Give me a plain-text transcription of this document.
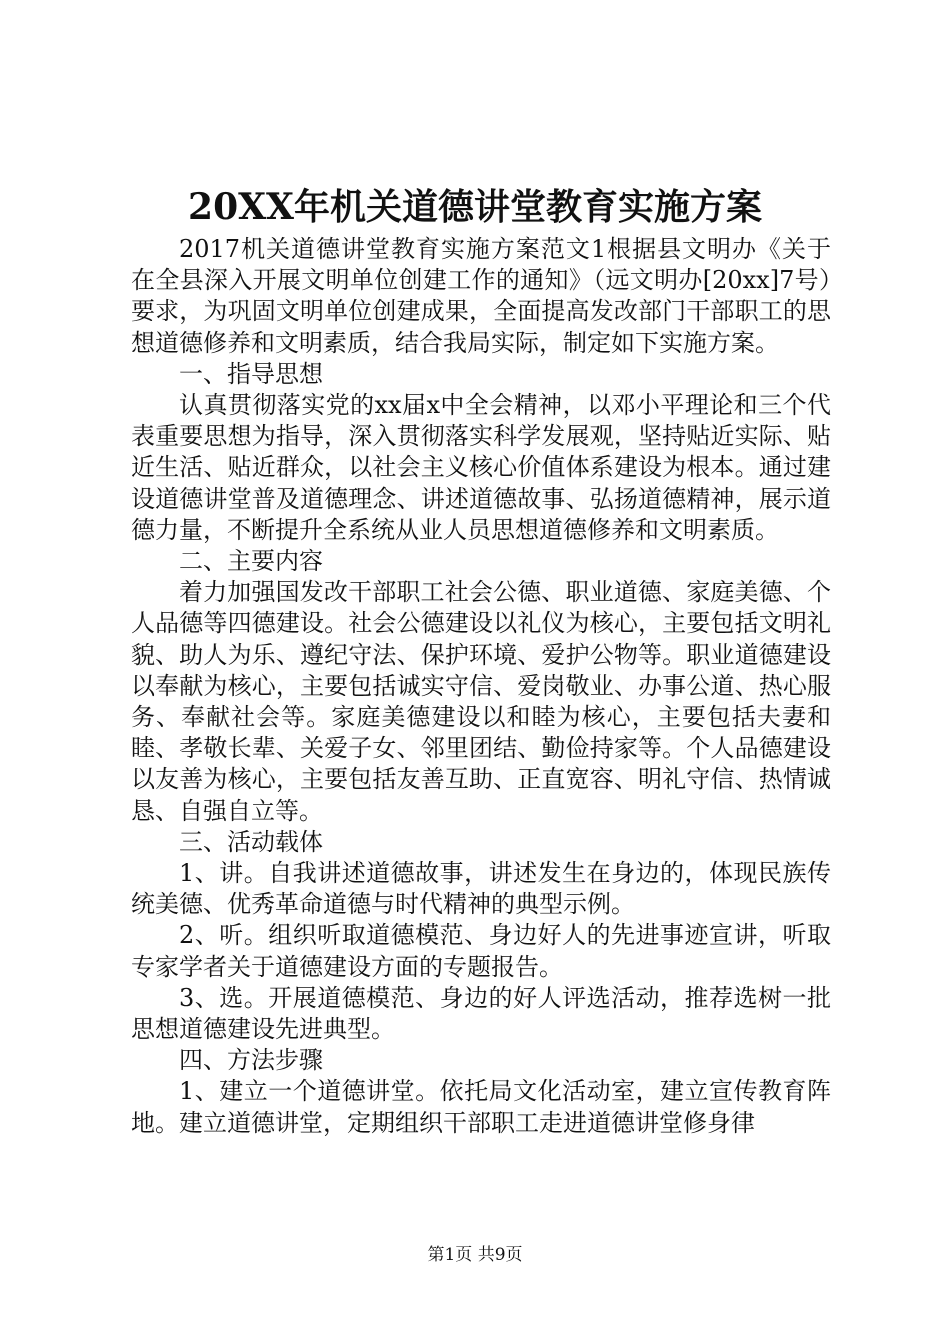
20XX年机关道德讲堂教育实施方案

2017机关道德讲堂教育实施方案范文1根据县文明办《关于在全县深入开展文明单位创建工作的通知》（远文明办[20xx]7号）要求，为巩固文明单位创建成果，全面提高发改部门干部职工的思想道德修养和文明素质，结合我局实际，制定如下实施方案。

一、指导思想

认真贯彻落实党的xx届x中全会精神，以邓小平理论和三个代表重要思想为指导，深入贯彻落实科学发展观，坚持贴近实际、贴近生活、贴近群众，以社会主义核心价值体系建设为根本。通过建设道德讲堂普及道德理念、讲述道德故事、弘扬道德精神，展示道德力量，不断提升全系统从业人员思想道德修养和文明素质。

二、主要内容

着力加强国发改干部职工社会公德、职业道德、家庭美德、个人品德等四德建设。社会公德建设以礼仪为核心，主要包括文明礼貌、助人为乐、遵纪守法、保护环境、爱护公物等。职业道德建设以奉献为核心，主要包括诚实守信、爱岗敬业、办事公道、热心服务、奉献社会等。家庭美德建设以和睦为核心，主要包括夫妻和睦、孝敬长辈、关爱子女、邻里团结、勤俭持家等。个人品德建设以友善为核心，主要包括友善互助、正直宽容、明礼守信、热情诚恳、自强自立等。

三、活动载体

1、讲。自我讲述道德故事，讲述发生在身边的，体现民族传统美德、优秀革命道德与时代精神的典型示例。

2、听。组织听取道德模范、身边好人的先进事迹宣讲，听取专家学者关于道德建设方面的专题报告。

3、选。开展道德模范、身边的好人评选活动，推荐选树一批思想道德建设先进典型。

四、方法步骤

1、建立一个道德讲堂。依托局文化活动室，建立宣传教育阵地。建立道德讲堂，定期组织干部职工走进道德讲堂修身律

第1页 共9页
